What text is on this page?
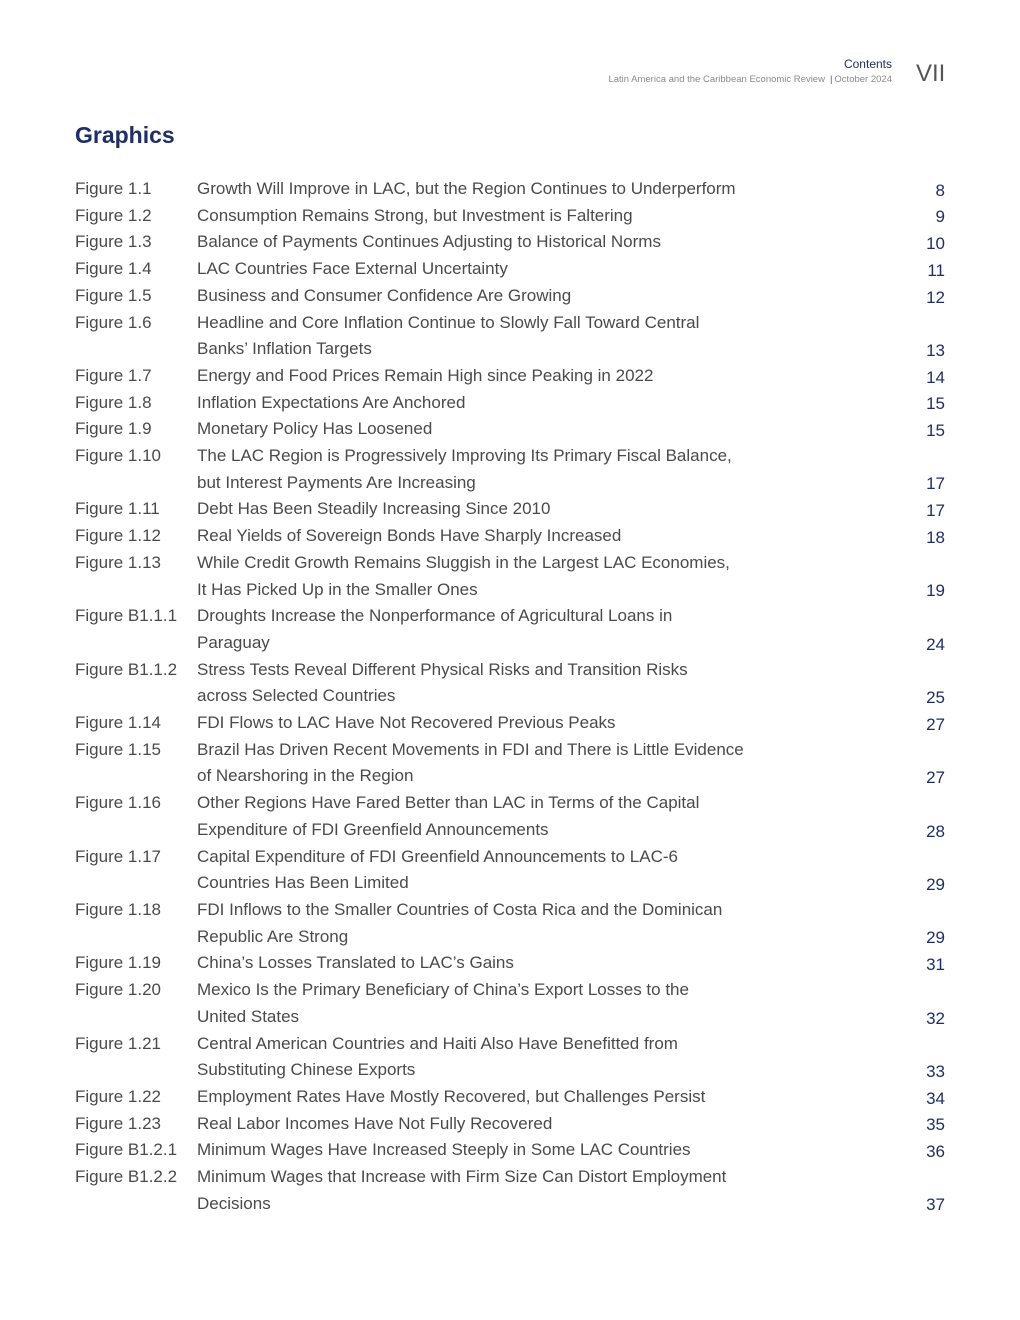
Contents
Latin America and the Caribbean Economic Review | October 2024 VII
Graphics
Figure 1.1	Growth Will Improve in LAC, but the Region Continues to Underperform	8
Figure 1.2	Consumption Remains Strong, but Investment is Faltering	9
Figure 1.3	Balance of Payments Continues Adjusting to Historical Norms	10
Figure 1.4	LAC Countries Face External Uncertainty	11
Figure 1.5	Business and Consumer Confidence Are Growing	12
Figure 1.6	Headline and Core Inflation Continue to Slowly Fall Toward Central
Banks’ Inflation Targets	13
Figure 1.7	Energy and Food Prices Remain High since Peaking in 2022	14
Figure 1.8	Inflation Expectations Are Anchored	15
Figure 1.9	Monetary Policy Has Loosened	15
Figure 1.10 The LAC Region is Progressively Improving Its Primary Fiscal Balance,
but Interest Payments Are Increasing	17
Figure 1.11 Debt Has Been Steadily Increasing Since 2010	17
Figure 1.12 Real Yields of Sovereign Bonds Have Sharply Increased	18
Figure 1.13 While Credit Growth Remains Sluggish in the Largest LAC Economies,
It Has Picked Up in the Smaller Ones	19
Figure B1.1.1 Droughts Increase the Nonperformance of Agricultural Loans in
Paraguay	24
Figure B1.1.2 Stress Tests Reveal Different Physical Risks and Transition Risks
across Selected Countries	25
Figure 1.14 FDI Flows to LAC Have Not Recovered Previous Peaks	27
Figure 1.15 Brazil Has Driven Recent Movements in FDI and There is Little Evidence
of Nearshoring in the Region	27
Figure 1.16 Other Regions Have Fared Better than LAC in Terms of the Capital
Expenditure of FDI Greenfield Announcements	28
Figure 1.17 Capital Expenditure of FDI Greenfield Announcements to LAC-6
Countries Has Been Limited	29
Figure 1.18 FDI Inflows to the Smaller Countries of Costa Rica and the Dominican
Republic Are Strong	29
Figure 1.19 China’s Losses Translated to LAC’s Gains	31
Figure 1.20 Mexico Is the Primary Beneficiary of China’s Export Losses to the
United States	32
Figure 1.21 Central American Countries and Haiti Also Have Benefitted from
Substituting Chinese Exports	33
Figure 1.22 Employment Rates Have Mostly Recovered, but Challenges Persist	34
Figure 1.23 Real Labor Incomes Have Not Fully Recovered	35
Figure B1.2.1 Minimum Wages Have Increased Steeply in Some LAC Countries	36
Figure B1.2.2 Minimum Wages that Increase with Firm Size Can Distort Employment
Decisions	37
